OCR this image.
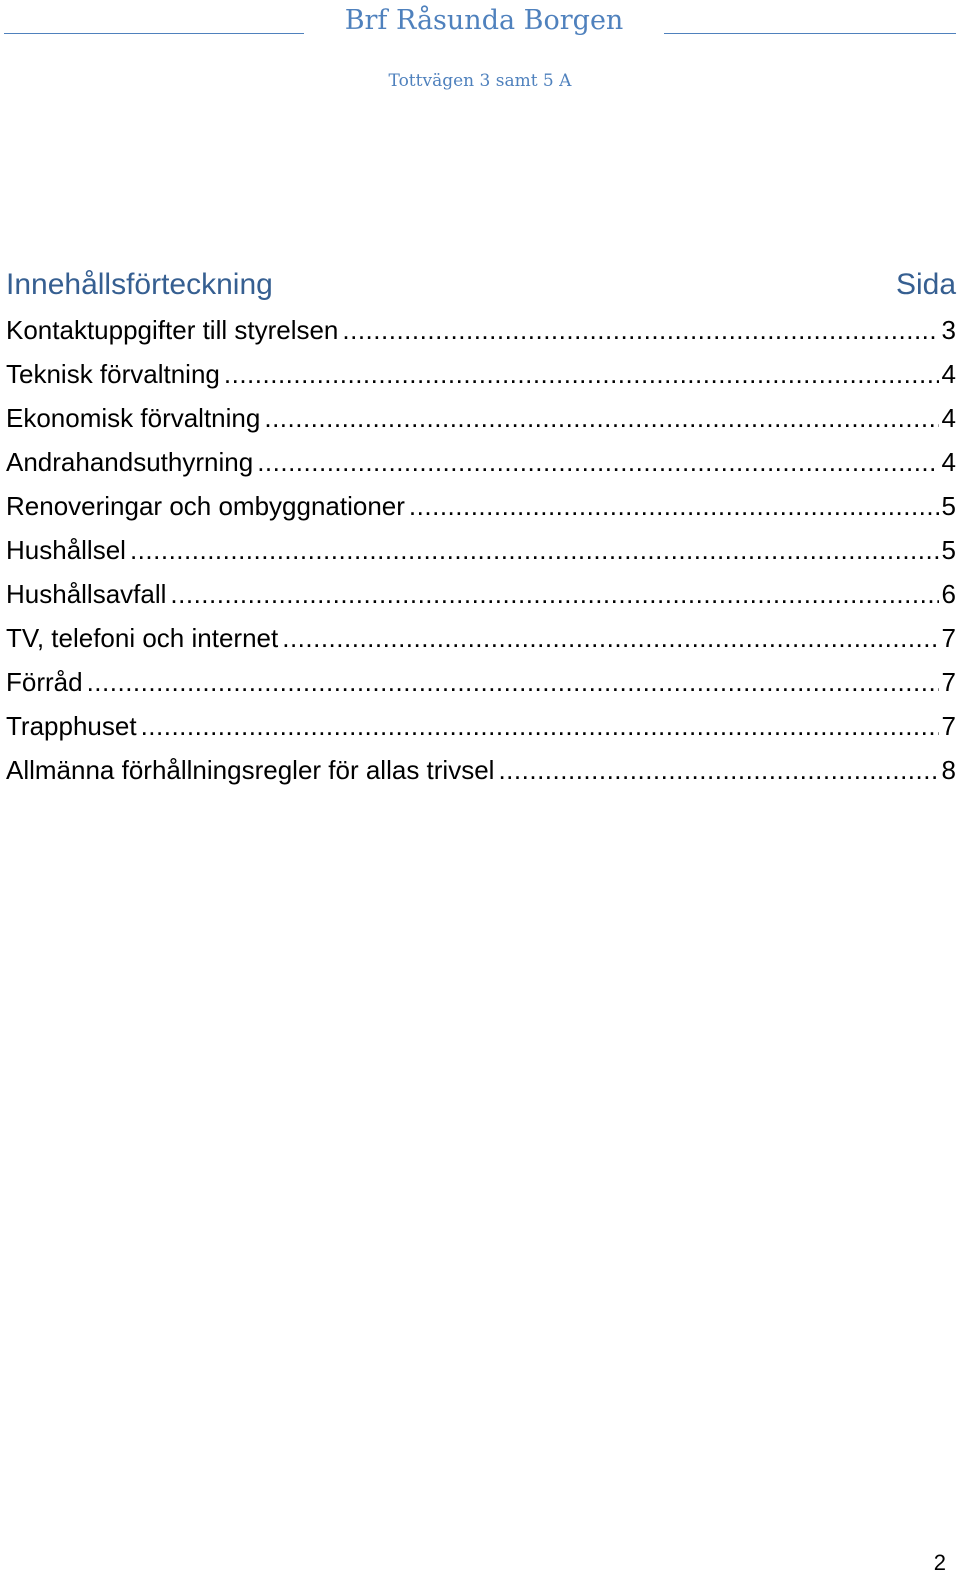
Brf Råsunda Borgen
Tottvägen 3 samt 5 A
Innehållsförteckning	Sida
Kontaktuppgifter till styrelsen .....	3
Teknisk förvaltning .....	4
Ekonomisk förvaltning .....	4
Andrahandsuthyrning .....	4
Renoveringar och ombyggnationer .....	5
Hushållsel .....	5
Hushållsavfall .....	6
TV, telefoni och internet .....	7
Förråd .....	7
Trapphuset .....	7
Allmänna förhållningsregler för allas trivsel .....	8
2
